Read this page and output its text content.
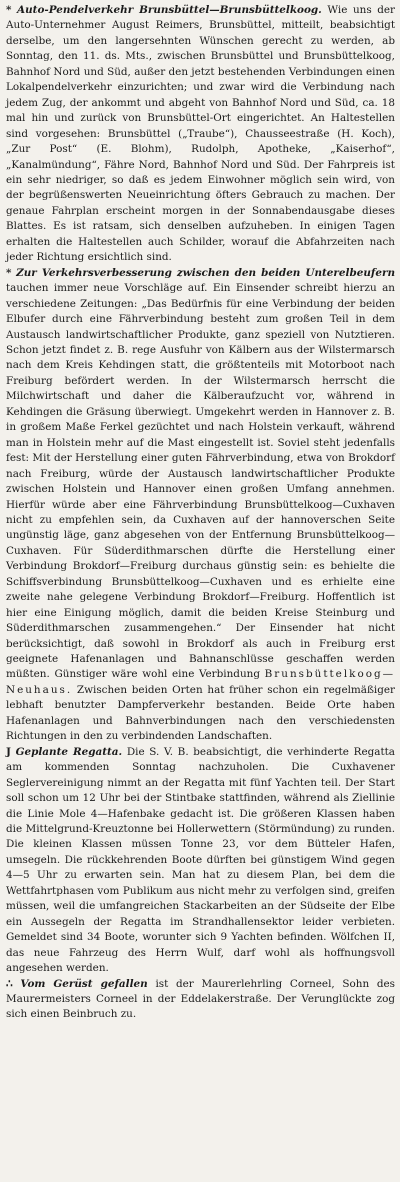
* Auto-Pendelverkehr Brunsbüttel—Brunsbüttelkoog. Wie uns der Auto-Unternehmer August Reimers, Brunsbüttel, mitteilt, beabsichtigt derselbe, um den langersehnten Wünschen gerecht zu werden, ab Sonntag, den 11. ds. Mts., zwischen Brunsbüttel und Brunsbüttelkoog, Bahnhof Nord und Süd, außer den jetzt bestehenden Verbindungen einen Lokalpendelverkehr einzurichten; und zwar wird die Verbindung nach jedem Zug, der ankommt und abgeht von Bahnhof Nord und Süd, ca. 18 mal hin und zurück von Brunsbüttel-Ort eingerichtet. An Haltestellen sind vorgesehen: Brunsbüttel („Traube“), Chausseestraße (H. Koch), „Zur Post“ (E. Blohm), Rudolph, Apotheke, „Kaiserhof“, „Kanalmündung“, Fähre Nord, Bahnhof Nord und Süd. Der Fahrpreis ist ein sehr niedriger, so daß es jedem Einwohner möglich sein wird, von der begrüßenswerten Neueinrichtung öfters Gebrauch zu machen. Der genaue Fahrplan erscheint morgen in der Sonnabendausgabe dieses Blattes. Es ist ratsam, sich denselben aufzuheben. In einigen Tagen erhalten die Haltestellen auch Schilder, worauf die Abfahrzeiten nach jeder Richtung ersichtlich sind.

* Zur Verkehrsverbesserung zwischen den beiden Unterelbeufern tauchen immer neue Vorschläge auf. Ein Einsender schreibt hierzu an verschiedene Zeitungen: „Das Bedürfnis für eine Verbindung der beiden Elbufer durch eine Fährverbindung besteht zum großen Teil in dem Austausch landwirtschaftlicher Produkte, ganz speziell von Nutztieren. Schon jetzt findet z. B. rege Ausfuhr von Kälbern aus der Wilstermarsch nach dem Kreis Kehdingen statt, die größtenteils mit Motorboot nach Freiburg befördert werden. In der Wilstermarsch herrscht die Milchwirtschaft und daher die Kälberaufzucht vor, während in Kehdingen die Gräsung überwiegt. Umgekehrt werden in Hannover z. B. in großem Maße Ferkel gezüchtet und nach Holstein verkauft, während man in Holstein mehr auf die Mast eingestellt ist. Soviel steht jedenfalls fest: Mit der Herstellung einer guten Fährverbindung, etwa von Brokdorf nach Freiburg, würde der Austausch landwirtschaftlicher Produkte zwischen Holstein und Hannover einen großen Umfang annehmen. Hierfür würde aber eine Fährverbindung Brunsbüttelkoog—Cuxhaven nicht zu empfehlen sein, da Cuxhaven auf der hannoverschen Seite ungünstig läge, ganz abgesehen von der Entfernung Brunsbüttelkoog—Cuxhaven. Für Süderdithmarschen dürfte die Herstellung einer Verbindung Brokdorf—Freiburg durchaus günstig sein: es behielte die Schiffsverbindung Brunsbüttelkoog—Cuxhaven und es erhielte eine zweite nahe gelegene Verbindung Brokdorf—Freiburg. Hoffentlich ist hier eine Einigung möglich, damit die beiden Kreise Steinburg und Süderdithmarschen zusammengehen.“ Der Einsender hat nicht berücksichtigt, daß sowohl in Brokdorf als auch in Freiburg erst geeignete Hafenanlagen und Bahnanschlüsse geschaffen werden müßten. Günstiger wäre wohl eine Verbindung Brunsbüttelkoog—Neuhaus. Zwischen beiden Orten hat früher schon ein regelmäßiger lebhaft benutzter Dampferverkehr bestanden. Beide Orte haben Hafenanlagen und Bahnverbindungen nach den verschiedensten Richtungen in den zu verbindenden Landschaften.

J Geplante Regatta. Die S. V. B. beabsichtigt, die verhinderte Regatta am kommenden Sonntag nachzuholen. Die Cuxhavener Seglervereinigung nimmt an der Regatta mit fünf Yachten teil. Der Start soll schon um 12 Uhr bei der Stintbake stattfinden, während als Ziellinie die Linie Mole 4—Hafenbake gedacht ist. Die größeren Klassen haben die Mittelgrund-Kreuztonne bei Hollerwettern (Störmündung) zu runden. Die kleinen Klassen müssen Tonne 23, vor dem Bütteler Hafen, umsegeln. Die rückkehrenden Boote dürften bei günstigem Wind gegen 4—5 Uhr zu erwarten sein. Man hat zu diesem Plan, bei dem die Wettfahrtphasen vom Publikum aus nicht mehr zu verfolgen sind, greifen müssen, weil die umfangreichen Stackarbeiten an der Südseite der Elbe ein Aussegeln der Regatta im Strandhallensektor leider verbieten. Gemeldet sind 34 Boote, worunter sich 9 Yachten befinden. Wölfchen II, das neue Fahrzeug des Herrn Wulf, darf wohl als hoffnungsvoll angesehen werden.

∴ Vom Gerüst gefallen ist der Maurerlehrling Corneel, Sohn des Maurermeisters Corneel in der Eddelakerstraße. Der Verunglückte zog sich einen Beinbruch zu.
